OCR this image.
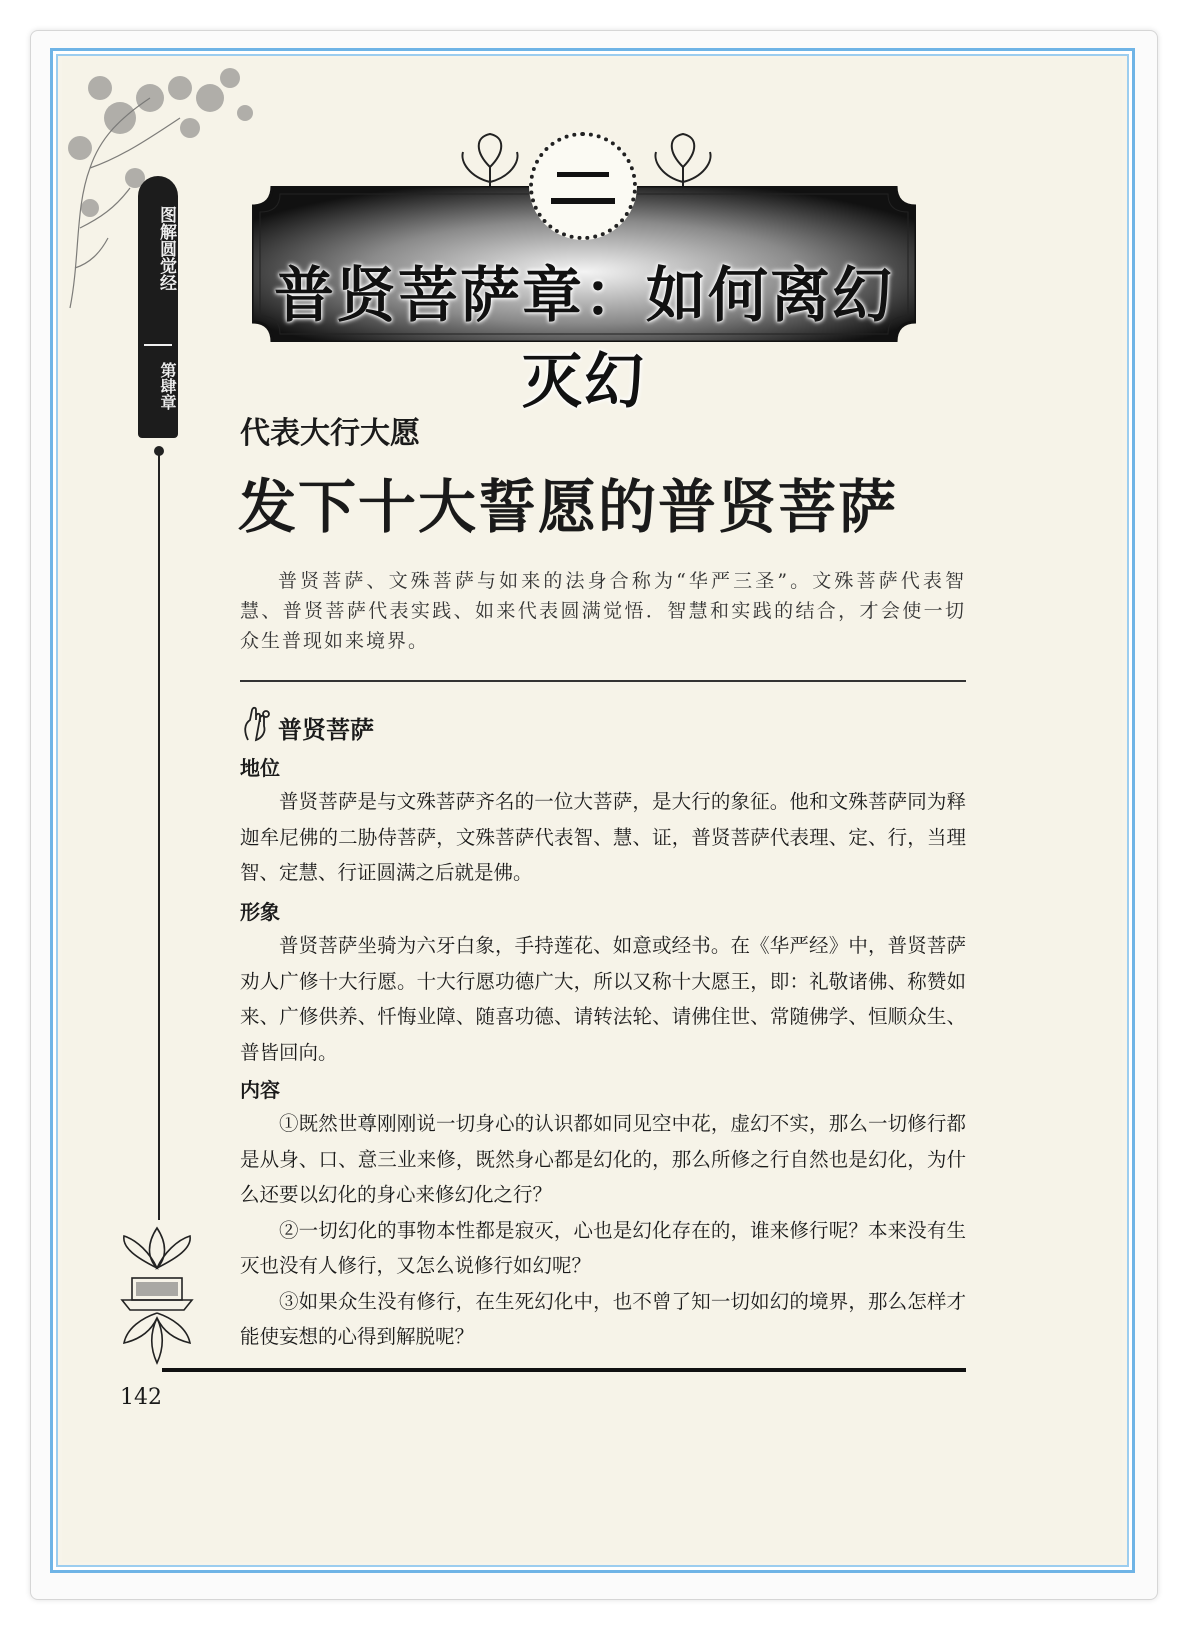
图解圆觉经
第肆章
普贤菩萨章：如何离幻灭幻
代表大行大愿
发下十大誓愿的普贤菩萨
普贤菩萨、文殊菩萨与如来的法身合称为“华严三圣”。文殊菩萨代表智慧、普贤菩萨代表实践、如来代表圆满觉悟．智慧和实践的结合，才会使一切众生普现如来境界。
普贤菩萨
地位

普贤菩萨是与文殊菩萨齐名的一位大菩萨，是大行的象征。他和文殊菩萨同为释迦牟尼佛的二胁侍菩萨，文殊菩萨代表智、慧、证，普贤菩萨代表理、定、行，当理智、定慧、行证圆满之后就是佛。

形象

普贤菩萨坐骑为六牙白象，手持莲花、如意或经书。在《华严经》中，普贤菩萨劝人广修十大行愿。十大行愿功德广大，所以又称十大愿王，即：礼敬诸佛、称赞如来、广修供养、忏悔业障、随喜功德、请转法轮、请佛住世、常随佛学、恒顺众生、普皆回向。

内容

①既然世尊刚刚说一切身心的认识都如同见空中花，虚幻不实，那么一切修行都是从身、口、意三业来修，既然身心都是幻化的，那么所修之行自然也是幻化，为什么还要以幻化的身心来修幻化之行？

②一切幻化的事物本性都是寂灭，心也是幻化存在的，谁来修行呢？本来没有生灭也没有人修行，又怎么说修行如幻呢？

③如果众生没有修行，在生死幻化中，也不曾了知一切如幻的境界，那么怎样才能使妄想的心得到解脱呢？

142
